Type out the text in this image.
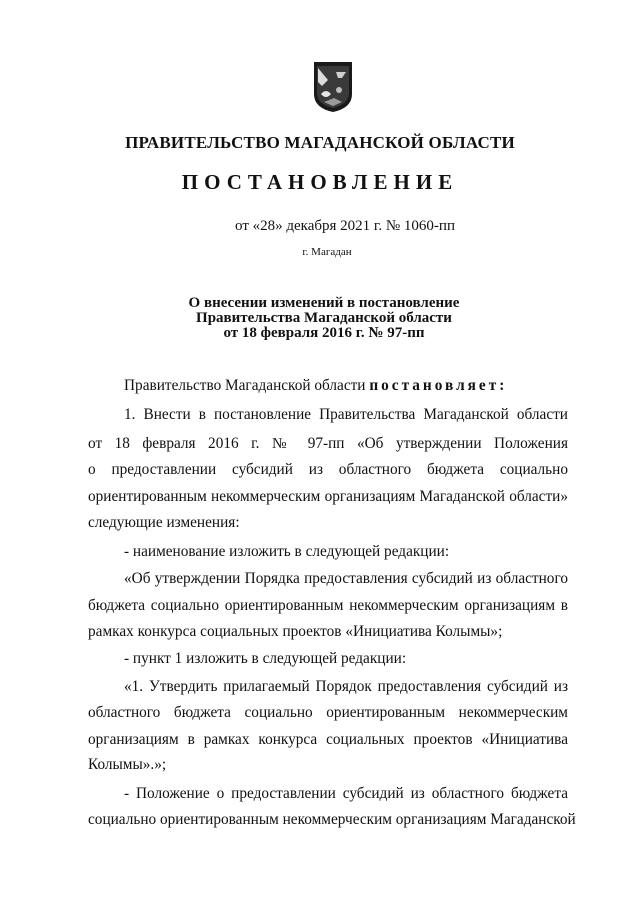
ПРАВИТЕЛЬСТВО МАГАДАНСКОЙ ОБЛАСТИ
ПОСТАНОВЛЕНИЕ
от «28» декабря 2021 г. № 1060-пп
г. Магадан
О внесении изменений в постановление
Правительства Магаданской области
от 18 февраля 2016 г. № 97-пп
Правительство Магаданской области постановляет:
1. Внести в постановление Правительства Магаданской области
от 18 февраля 2016 г. № 97-пп «Об утверждении Положения
о предоставлении субсидий из областного бюджета социально
ориентированным некоммерческим организациям Магаданской области»
следующие изменения:
- наименование изложить в следующей редакции:
«Об утверждении Порядка предоставления субсидий из областного
бюджета социально ориентированным некоммерческим организациям в
рамках конкурса социальных проектов «Инициатива Колымы»;
- пункт 1 изложить в следующей редакции:
«1. Утвердить прилагаемый Порядок предоставления субсидий из
областного бюджета социально ориентированным некоммерческим
организациям в рамках конкурса социальных проектов «Инициатива
Колымы».»;
- Положение о предоставлении субсидий из областного бюджета
социально ориентированным некоммерческим организациям Магаданской
